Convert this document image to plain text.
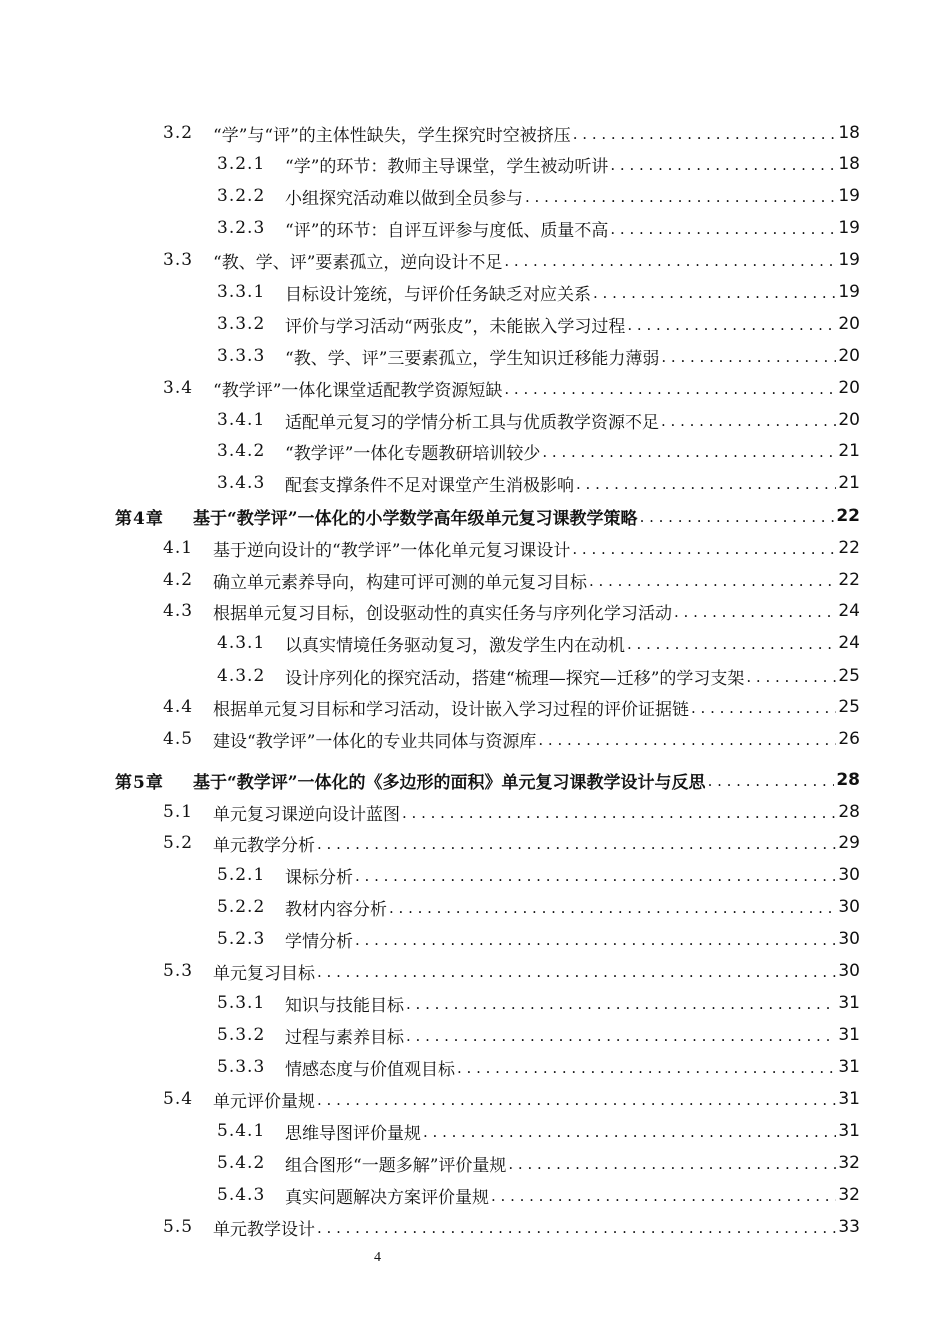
3.2	“学”与“评”的主体性缺失，学生探究时空被挤压 . . .	18
3.2.1	“学”的环节：教师主导课堂，学生被动听讲 . . .	18
3.2.2	小组探究活动难以做到全员参与 . . .	19
3.2.3	“评”的环节：自评互评参与度低、质量不高 . . .	19
3.3	“教、学、评”要素孤立，逆向设计不足 . . .	19
3.3.1	目标设计笼统，与评价任务缺乏对应关系 . . .	19
3.3.2	评价与学习活动“两张皮”，未能嵌入学习过程 . . .	20
3.3.3	“教、学、评”三要素孤立，学生知识迁移能力薄弱 . . .	20
3.4	“教学评”一体化课堂适配教学资源短缺 . . .	20
3.4.1	适配单元复习的学情分析工具与优质教学资源不足 . . .	20
3.4.2	“教学评”一体化专题教研培训较少 . . .	21
3.4.3	配套支撑条件不足对课堂产生消极影响 . . .	21
第4章	基于“教学评”一体化的小学数学高年级单元复习课教学策略 . . .	22
4.1	基于逆向设计的“教学评”一体化单元复习课设计 . . .	22
4.2	确立单元素养导向，构建可评可测的单元复习目标 . . .	22
4.3	根据单元复习目标，创设驱动性的真实任务与序列化学习活动 . . .	24
4.3.1	以真实情境任务驱动复习，激发学生内在动机 . . .	24
4.3.2	设计序列化的探究活动，搭建“梳理—探究—迁移”的学习支架 . . .	25
4.4	根据单元复习目标和学习活动，设计嵌入学习过程的评价证据链 . . .	25
4.5	建设“教学评”一体化的专业共同体与资源库 . . .	26
第5章	基于“教学评”一体化的《多边形的面积》单元复习课教学设计与反思 . . .	28
5.1	单元复习课逆向设计蓝图 . . .	28
5.2	单元教学分析 . . .	29
5.2.1	课标分析 . . .	30
5.2.2	教材内容分析 . . .	30
5.2.3	学情分析 . . .	30
5.3	单元复习目标 . . .	30
5.3.1	知识与技能目标 . . .	31
5.3.2	过程与素养目标 . . .	31
5.3.3	情感态度与价值观目标 . . .	31
5.4	单元评价量规 . . .	31
5.4.1	思维导图评价量规 . . .	31
5.4.2	组合图形“一题多解”评价量规 . . .	32
5.4.3	真实问题解决方案评价量规 . . .	32
5.5	单元教学设计 . . .	33
4
